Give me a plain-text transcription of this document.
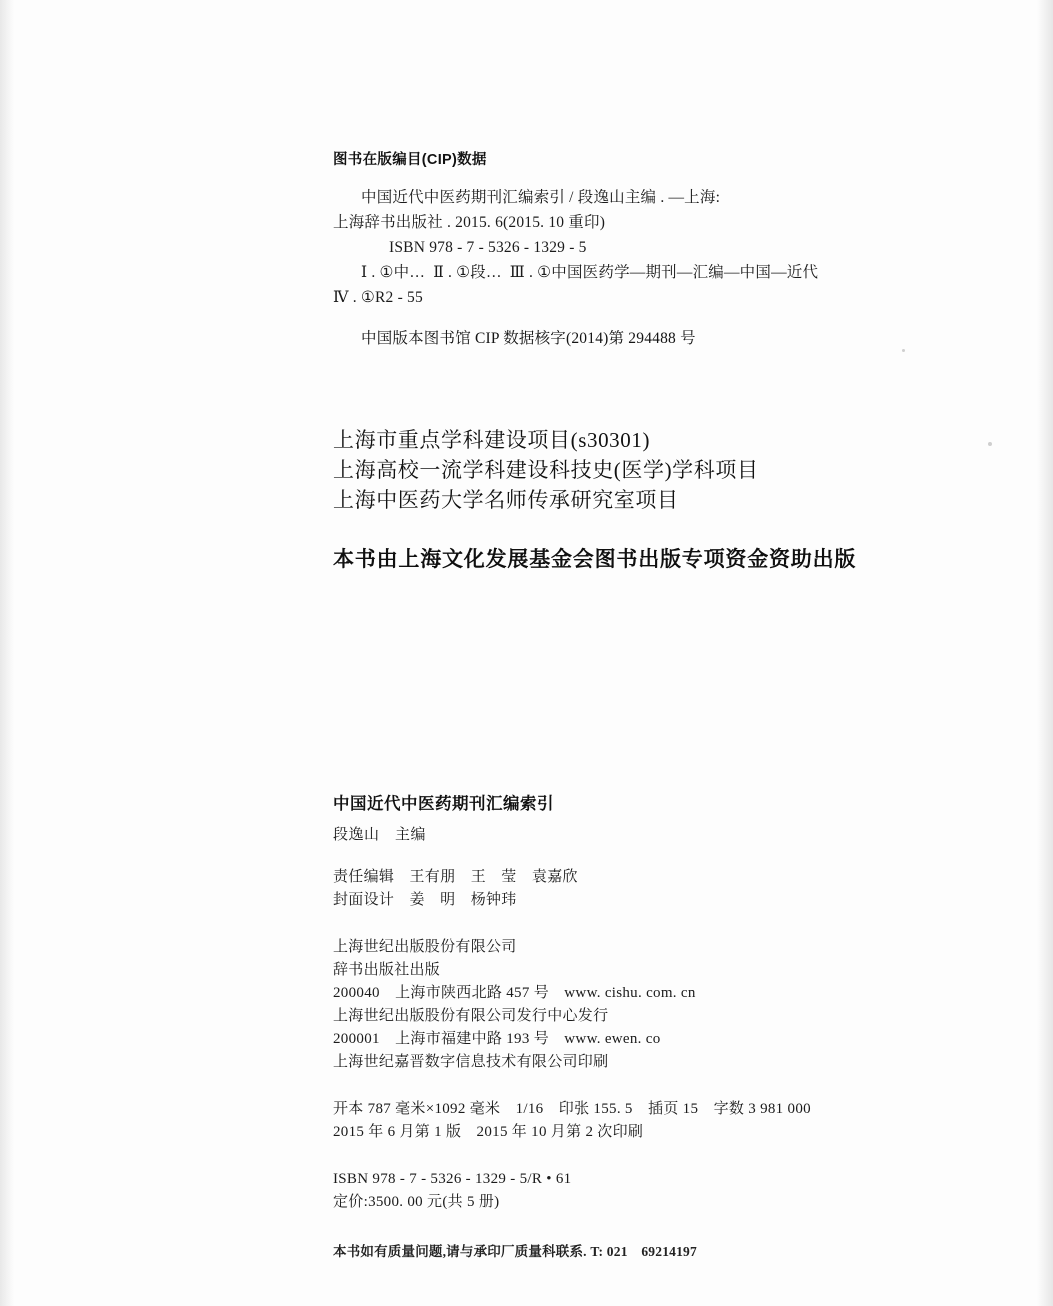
图书在版编目(CIP)数据
中国近代中医药期刊汇编索引 / 段逸山主编 . —上海:
上海辞书出版社 . 2015. 6(2015. 10 重印)
ISBN 978 - 7 - 5326 - 1329 - 5
Ⅰ . ①中…  Ⅱ . ①段…  Ⅲ . ①中国医药学—期刊—汇编—中国—近代
Ⅳ . ①R2 - 55
中国版本图书馆 CIP 数据核字(2014)第 294488 号
上海市重点学科建设项目(s30301)
上海高校一流学科建设科技史(医学)学科项目
上海中医药大学名师传承研究室项目
本书由上海文化发展基金会图书出版专项资金资助出版
中国近代中医药期刊汇编索引
段逸山　主编
责任编辑　王有朋　王　莹　袁嘉欣
封面设计　姜　明　杨钟玮
上海世纪出版股份有限公司
辞书出版社出版
200040　上海市陕西北路 457 号　www. cishu. com. cn
上海世纪出版股份有限公司发行中心发行
200001　上海市福建中路 193 号　www. ewen. co
上海世纪嘉晋数字信息技术有限公司印刷
开本 787 毫米×1092 毫米　1/16　印张 155. 5　插页 15　字数 3 981 000
2015 年 6 月第 1 版　2015 年 10 月第 2 次印刷
ISBN 978 - 7 - 5326 - 1329 - 5/R • 61
定价:3500. 00 元(共 5 册)
本书如有质量问题,请与承印厂质量科联系. T: 021　69214197
